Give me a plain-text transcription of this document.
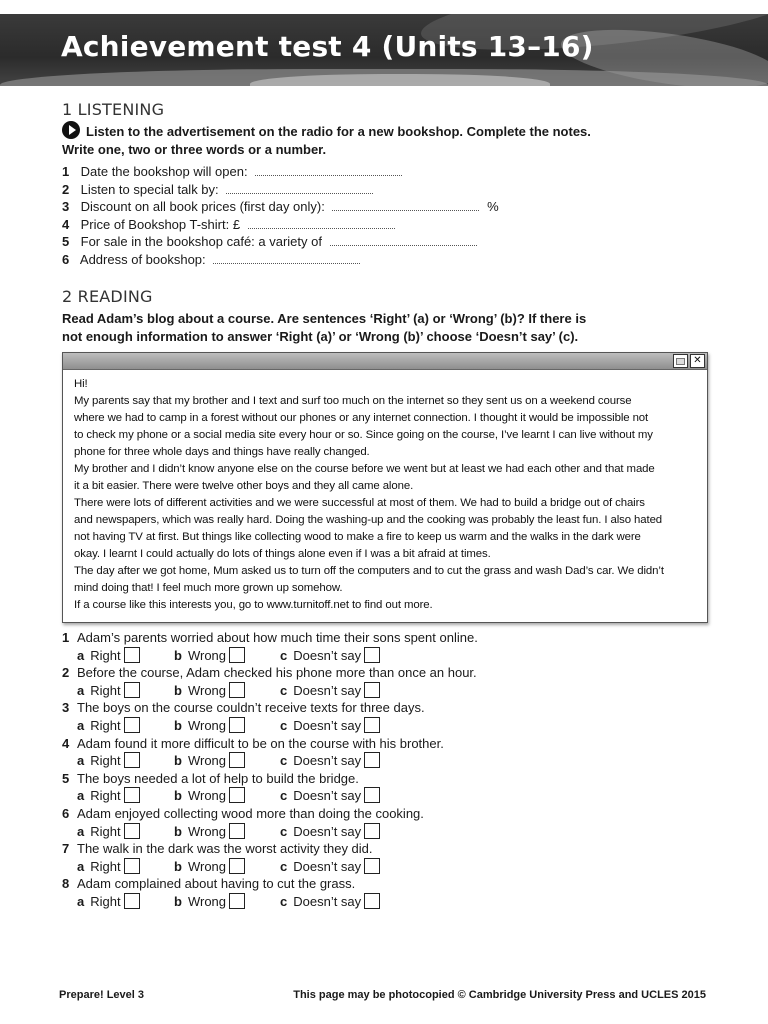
Achievement test 4 (Units 13–16)
1 LISTENING
Listen to the advertisement on the radio for a new bookshop. Complete the notes.
Write one, two or three words or a number.
1 Date the bookshop will open:
2 Listen to special talk by:
3 Discount on all book prices (first day only):	%
4 Price of Bookshop T-shirt: £
5 For sale in the bookshop café: a variety of
6 Address of bookshop:
2 READING
Read Adam’s blog about a course. Are sentences ‘Right’ (a) or ‘Wrong’ (b)? If there is
not enough information to answer ‘Right (a)’ or ‘Wrong (b)’ choose ‘Doesn’t say’ (c).
✕

Hi!

My parents say that my brother and I text and surf too much on the internet so they sent us on a weekend course

where we had to camp in a forest without our phones or any internet connection. I thought it would be impossible not

to check my phone or a social media site every hour or so. Since going on the course, I’ve learnt I can live without my

phone for three whole days and things have really changed.

My brother and I didn’t know anyone else on the course before we went but at least we had each other and that made

it a bit easier. There were twelve other boys and they all came alone.

There were lots of different activities and we were successful at most of them. We had to build a bridge out of chairs

and newspapers, which was really hard. Doing the washing-up and the cooking was probably the least fun. I also hated

not having TV at first. But things like collecting wood to make a fire to keep us warm and the walks in the dark were

okay. I learnt I could actually do lots of things alone even if I was a bit afraid at times.

The day after we got home, Mum asked us to turn off the computers and to cut the grass and wash Dad’s car. We didn’t

mind doing that! I feel much more grown up somehow.

If a course like this interests you, go to www.turnitoff.net to find out more.

1 Adam’s parents worried about how much time their sons spent online.
a Right	b Wrong	c Doesn’t say
2 Before the course, Adam checked his phone more than once an hour.
a Right	b Wrong	c Doesn’t say
3 The boys on the course couldn’t receive texts for three days.
a Right	b Wrong	c Doesn’t say
4 Adam found it more difficult to be on the course with his brother.
a Right	b Wrong	c Doesn’t say
5 The boys needed a lot of help to build the bridge.
a Right	b Wrong	c Doesn’t say
6 Adam enjoyed collecting wood more than doing the cooking.
a Right	b Wrong	c Doesn’t say
7 The walk in the dark was the worst activity they did.
a Right	b Wrong	c Doesn’t say
8 Adam complained about having to cut the grass.
a Right	b Wrong	c Doesn’t say
Prepare! Level 3	This page may be photocopied © Cambridge University Press and UCLES 2015
